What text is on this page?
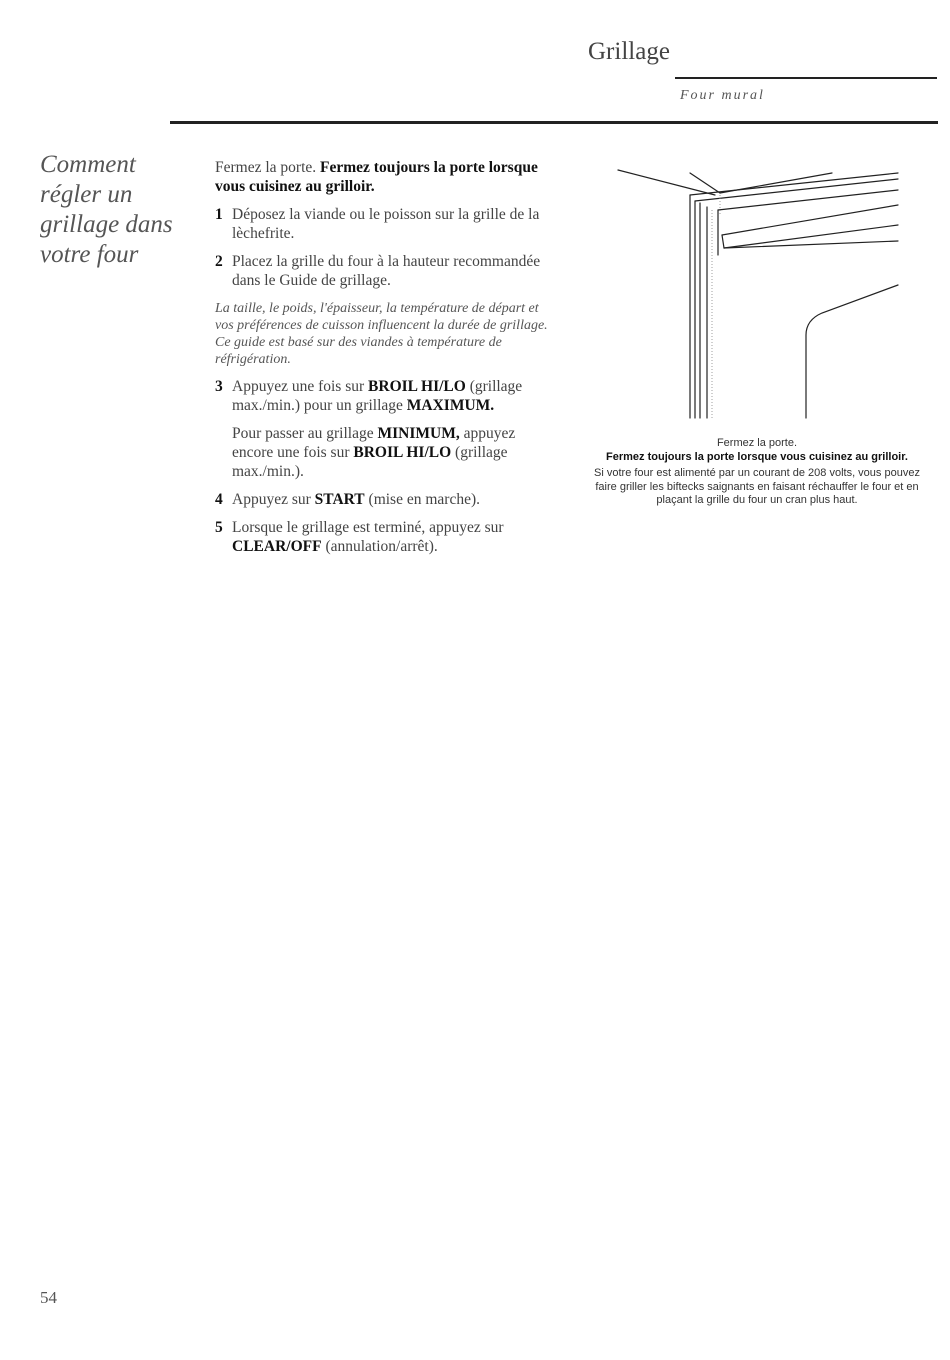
Grillage
Four mural
Comment régler un grillage dans votre four

Fermez la porte. Fermez toujours la porte lorsque vous cuisinez au grilloir.

1 Déposez la viande ou le poisson sur la grille de la lèchefrite.
2 Placez la grille du four à la hauteur recommandée dans le Guide de grillage.

La taille, le poids, l'épaisseur, la température de départ et vos préférences de cuisson influencent la durée de grillage. Ce guide est basé sur des viandes à température de réfrigération.

3 Appuyez une fois sur BROIL HI/LO (grillage max./min.) pour un grillage MAXIMUM.

Pour passer au grillage MINIMUM, appuyez encore une fois sur BROIL HI/LO (grillage max./min.).

4 Appuyez sur START (mise en marche).
5 Lorsque le grillage est terminé, appuyez sur CLEAR/OFF (annulation/arrêt).

Fermez la porte.

Fermez toujours la porte lorsque vous cuisinez au grilloir.

Si votre four est alimenté par un courant de 208 volts, vous pouvez faire griller les biftecks saignants en faisant réchauffer le four et en plaçant la grille du four un cran plus haut.

54
